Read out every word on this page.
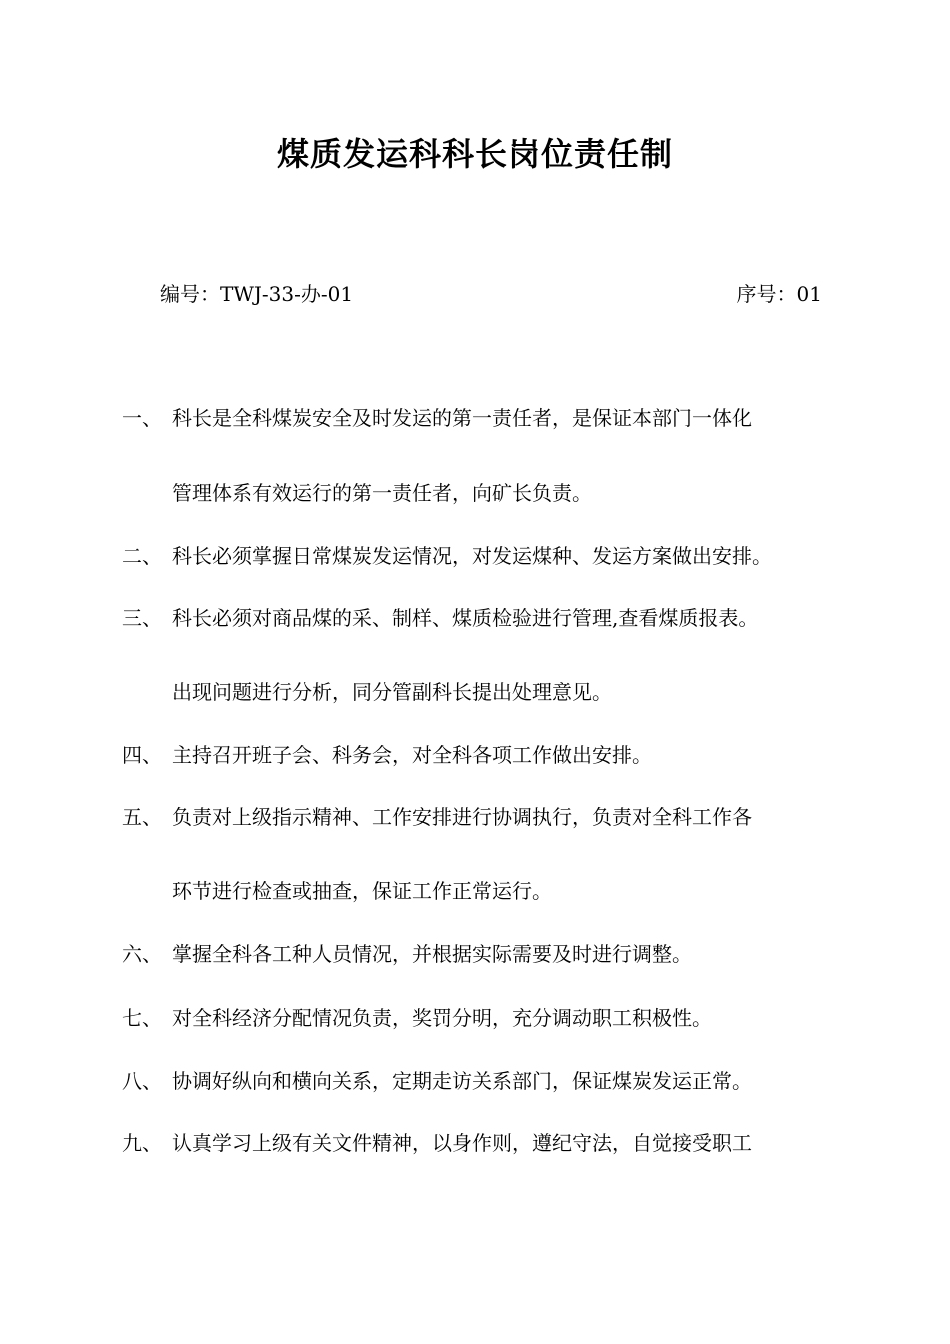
煤质发运科科长岗位责任制
编号：TWJ-33-办-01	序号：01
一、 科长是全科煤炭安全及时发运的第一责任者，是保证本部门一体化
管理体系有效运行的第一责任者，向矿长负责。
二、 科长必须掌握日常煤炭发运情况，对发运煤种、发运方案做出安排。
三、 科长必须对商品煤的采、制样、煤质检验进行管理,查看煤质报表。
出现问题进行分析，同分管副科长提出处理意见。
四、 主持召开班子会、科务会，对全科各项工作做出安排。
五、 负责对上级指示精神、工作安排进行协调执行，负责对全科工作各
环节进行检查或抽查，保证工作正常运行。
六、 掌握全科各工种人员情况，并根据实际需要及时进行调整。
七、 对全科经济分配情况负责，奖罚分明，充分调动职工积极性。
八、 协调好纵向和横向关系，定期走访关系部门，保证煤炭发运正常。
九、 认真学习上级有关文件精神，以身作则，遵纪守法，自觉接受职工
